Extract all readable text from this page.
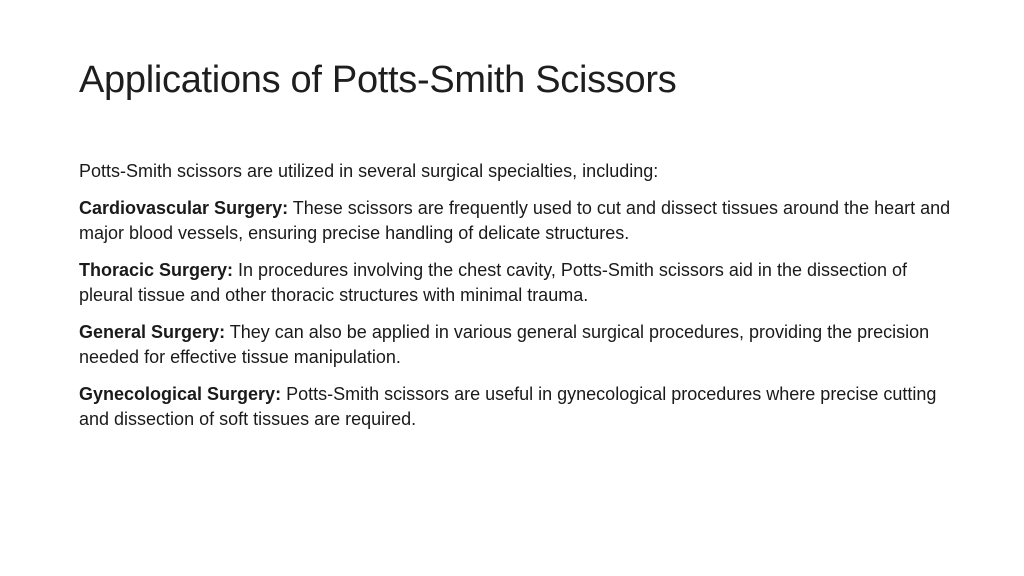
Applications of Potts-Smith Scissors

Potts-Smith scissors are utilized in several surgical specialties, including:

Cardiovascular Surgery: These scissors are frequently used to cut and dissect tissues around the heart and major blood vessels, ensuring precise handling of delicate structures.

Thoracic Surgery: In procedures involving the chest cavity, Potts-Smith scissors aid in the dissection of pleural tissue and other thoracic structures with minimal trauma.

General Surgery: They can also be applied in various general surgical procedures, providing the precision needed for effective tissue manipulation.

Gynecological Surgery: Potts-Smith scissors are useful in gynecological procedures where precise cutting and dissection of soft tissues are required.
